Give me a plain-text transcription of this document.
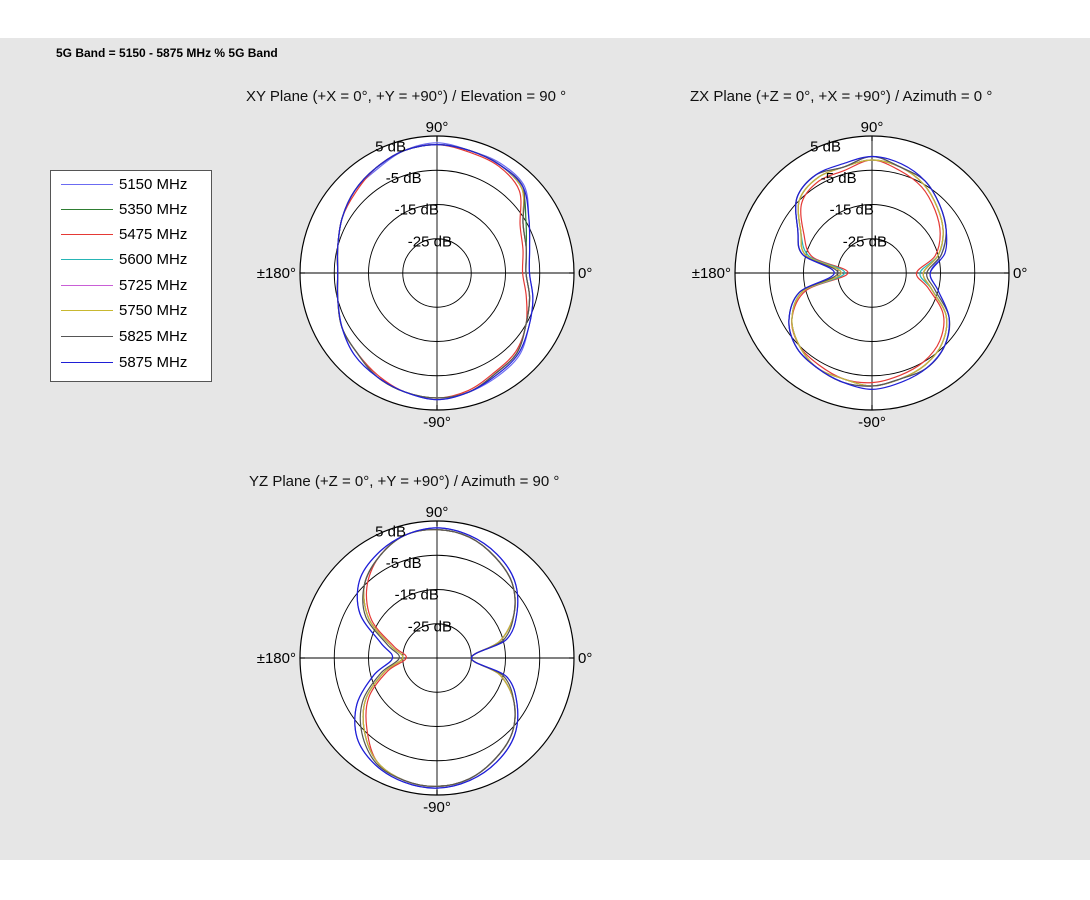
5G Band = 5150 - 5875 MHz % 5G Band
XY Plane (+X = 0°, +Y = +90°) / Elevation = 90 °	ZX Plane (+Z = 0°, +X = +90°) / Azimuth = 0 °
YZ Plane (+Z = 0°, +Y = +90°) / Azimuth = 90 °
5150 MHz
5350 MHz
5475 MHz
5600 MHz
5725 MHz
5750 MHz
5825 MHz
5875 MHz
90°
0°
-90°
±180°
5 dB
-5 dB
-15 dB
-25 dB
90°
0°
-90°
±180°
5 dB
-5 dB
-15 dB
-25 dB
90°
0°
-90°
±180°
5 dB
-5 dB
-15 dB
-25 dB
